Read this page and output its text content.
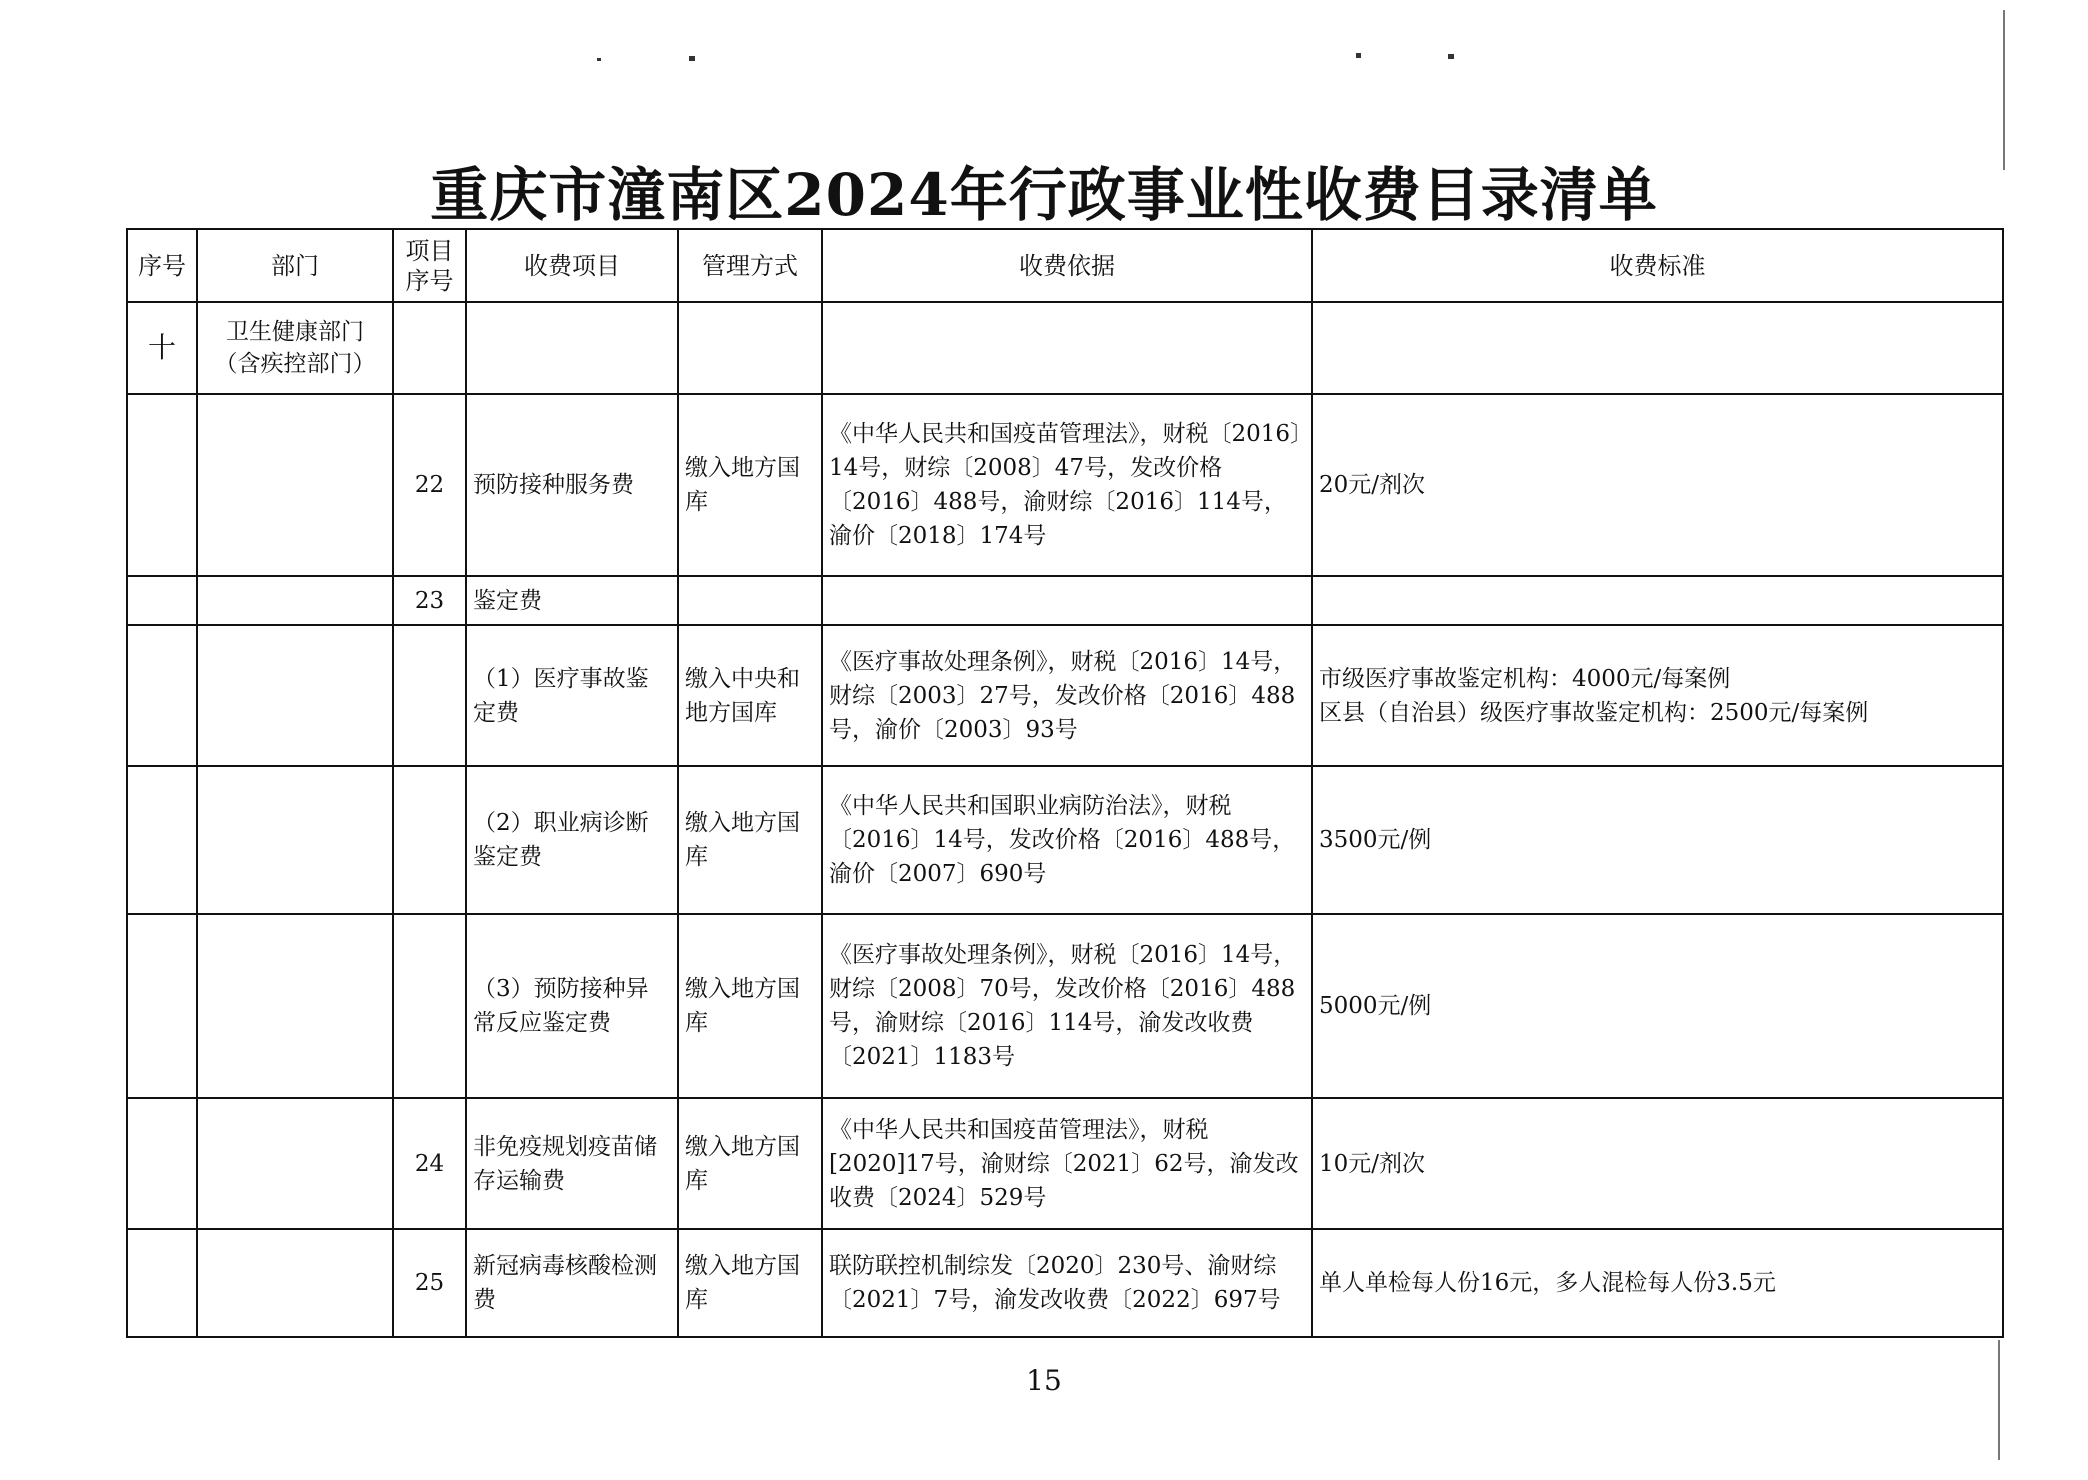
重庆市潼南区2024年行政事业性收费目录清单
序号	部门	项目序号	收费项目	管理方式	收费依据	收费标准
十	卫生健康部门（含疾控部门）					
		22	预防接种服务费	缴入地方国库	《中华人民共和国疫苗管理法》，财税〔2016〕14号，财综〔2008〕47号，发改价格〔2016〕488号，渝财综〔2016〕114号，渝价〔2018〕174号	20元/剂次
		23	鉴定费			
			（1）医疗事故鉴定费	缴入中央和地方国库	《医疗事故处理条例》，财税〔2016〕14号，财综〔2003〕27号，发改价格〔2016〕488号，渝价〔2003〕93号	市级医疗事故鉴定机构：4000元/每案例
区县（自治县）级医疗事故鉴定机构：2500元/每案例

			（2）职业病诊断鉴定费	缴入地方国库	《中华人民共和国职业病防治法》，财税〔2016〕14号，发改价格〔2016〕488号，渝价〔2007〕690号	3500元/例
			（3）预防接种异常反应鉴定费	缴入地方国库	《医疗事故处理条例》，财税〔2016〕14号，财综〔2008〕70号，发改价格〔2016〕488号，渝财综〔2016〕114号，渝发改收费〔2021〕1183号	5000元/例
		24	非免疫规划疫苗储存运输费	缴入地方国库	《中华人民共和国疫苗管理法》，财税[2020]17号，渝财综〔2021〕62号，渝发改收费〔2024〕529号	10元/剂次
		25	新冠病毒核酸检测费	缴入地方国库	联防联控机制综发〔2020〕230号、渝财综〔2021〕7号，渝发改收费〔2022〕697号	单人单检每人份16元，多人混检每人份3.5元
15
